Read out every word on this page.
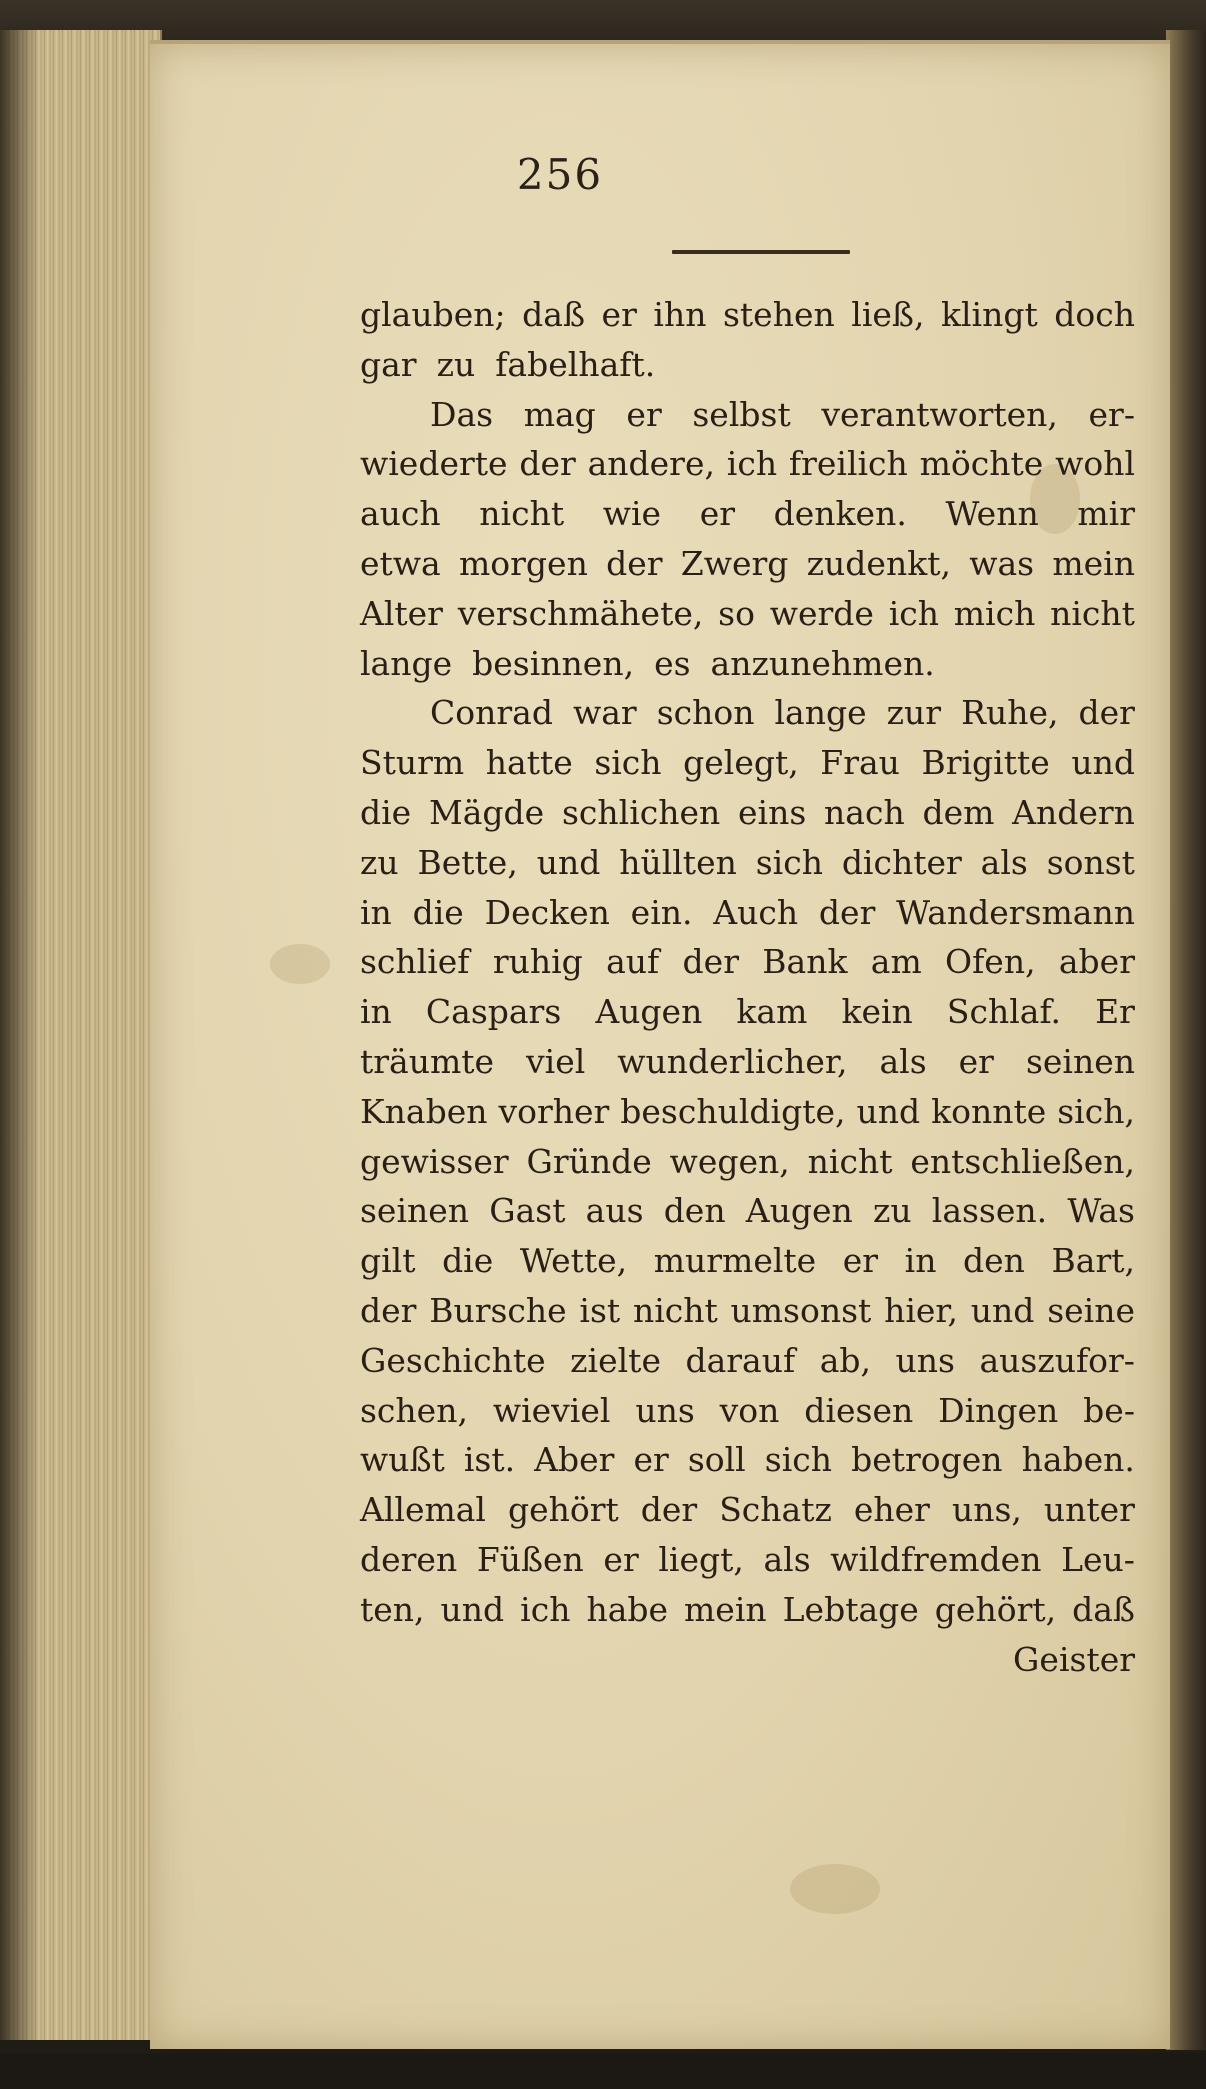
256
glauben; daß er ihn stehen ließ, klingt doch
gar zu fabelhaft.
Das mag er selbst verantworten, er-
wiederte der andere, ich freilich möchte wohl
auch nicht wie er denken. Wenn mir
etwa morgen der Zwerg zudenkt, was mein
Alter verschmähete, so werde ich mich nicht
lange besinnen, es anzunehmen.
Conrad war schon lange zur Ruhe, der
Sturm hatte sich gelegt, Frau Brigitte und
die Mägde schlichen eins nach dem Andern
zu Bette, und hüllten sich dichter als sonst
in die Decken ein. Auch der Wandersmann
schlief ruhig auf der Bank am Ofen, aber
in Caspars Augen kam kein Schlaf. Er
träumte viel wunderlicher, als er seinen
Knaben vorher beschuldigte, und konnte sich,
gewisser Gründe wegen, nicht entschließen,
seinen Gast aus den Augen zu lassen. Was
gilt die Wette, murmelte er in den Bart,
der Bursche ist nicht umsonst hier, und seine
Geschichte zielte darauf ab, uns auszufor-
schen, wieviel uns von diesen Dingen be-
wußt ist. Aber er soll sich betrogen haben.
Allemal gehört der Schatz eher uns, unter
deren Füßen er liegt, als wildfremden Leu-
ten, und ich habe mein Lebtage gehört, daß
Geister
